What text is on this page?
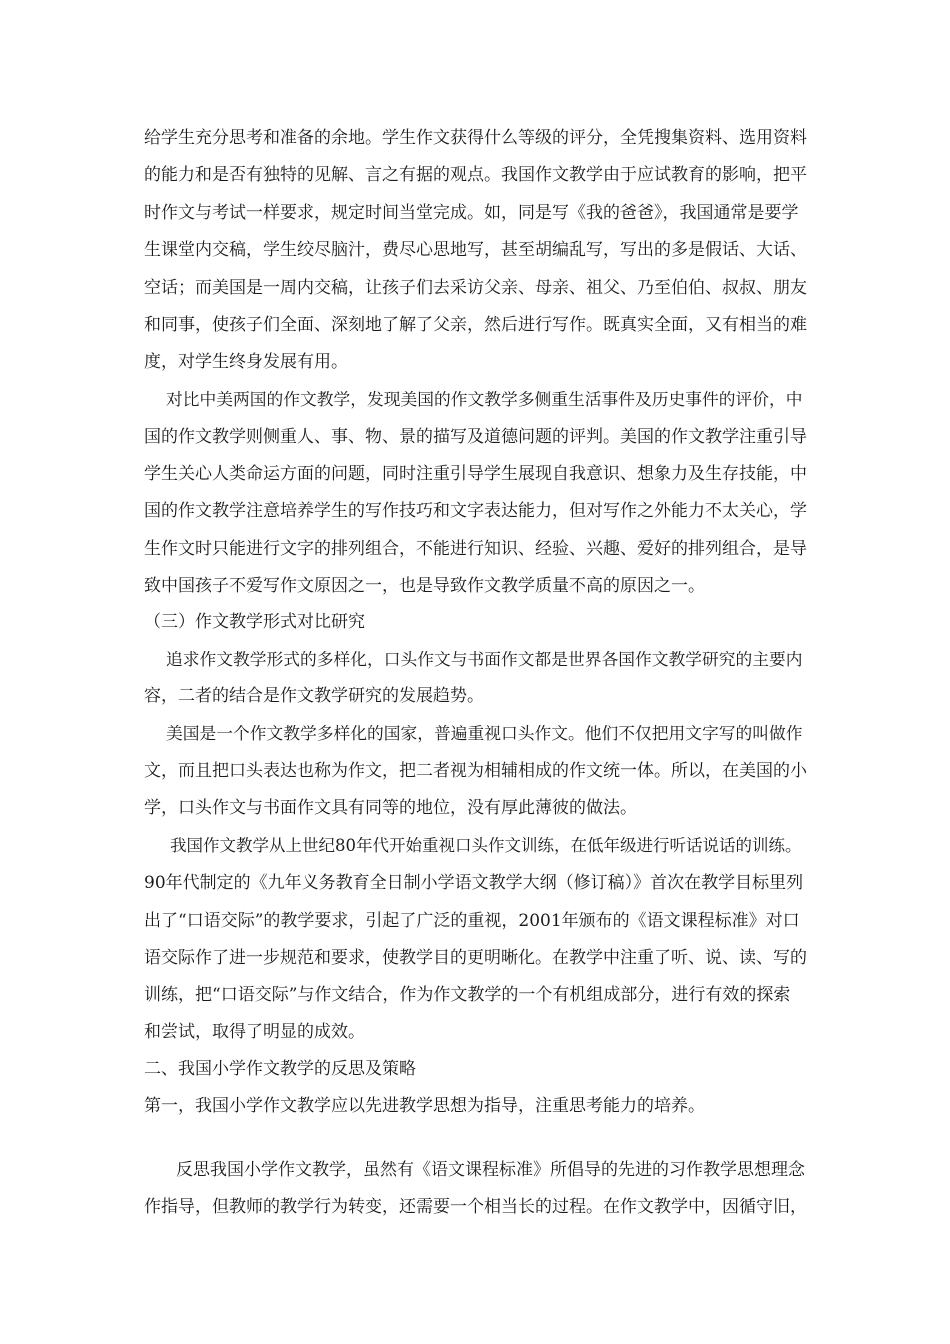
给学生充分思考和准备的余地。学生作文获得什么等级的评分，全凭搜集资料、选用资料
的能力和是否有独特的见解、言之有据的观点。我国作文教学由于应试教育的影响，把平
时作文与考试一样要求，规定时间当堂完成。如，同是写《我的爸爸》，我国通常是要学
生课堂内交稿，学生绞尽脑汁，费尽心思地写，甚至胡编乱写，写出的多是假话、大话、
空话；而美国是一周内交稿，让孩子们去采访父亲、母亲、祖父、乃至伯伯、叔叔、朋友
和同事，使孩子们全面、深刻地了解了父亲，然后进行写作。既真实全面，又有相当的难
度，对学生终身发展有用。
对比中美两国的作文教学，发现美国的作文教学多侧重生活事件及历史事件的评价，中
国的作文教学则侧重人、事、物、景的描写及道德问题的评判。美国的作文教学注重引导
学生关心人类命运方面的问题，同时注重引导学生展现自我意识、想象力及生存技能，中
国的作文教学注意培养学生的写作技巧和文字表达能力，但对写作之外能力不太关心，学
生作文时只能进行文字的排列组合，不能进行知识、经验、兴趣、爱好的排列组合，是导
致中国孩子不爱写作文原因之一，也是导致作文教学质量不高的原因之一。
（三）作文教学形式对比研究
追求作文教学形式的多样化，口头作文与书面作文都是世界各国作文教学研究的主要内
容，二者的结合是作文教学研究的发展趋势。
美国是一个作文教学多样化的国家，普遍重视口头作文。他们不仅把用文字写的叫做作
文，而且把口头表达也称为作文，把二者视为相辅相成的作文统一体。所以，在美国的小
学，口头作文与书面作文具有同等的地位，没有厚此薄彼的做法。
我国作文教学从上世纪80年代开始重视口头作文训练，在低年级进行听话说话的训练。
90年代制定的《九年义务教育全日制小学语文教学大纲（修订稿）》首次在教学目标里列
出了“口语交际”的教学要求，引起了广泛的重视，2001年颁布的《语文课程标准》对口
语交际作了进一步规范和要求，使教学目的更明晰化。在教学中注重了听、说、读、写的
训练，把“口语交际”与作文结合，作为作文教学的一个有机组成部分，进行有效的探索
和尝试，取得了明显的成效。
二、我国小学作文教学的反思及策略
第一，我国小学作文教学应以先进教学思想为指导，注重思考能力的培养。
反思我国小学作文教学，虽然有《语文课程标准》所倡导的先进的习作教学思想理念
作指导，但教师的教学行为转变，还需要一个相当长的过程。在作文教学中，因循守旧，
